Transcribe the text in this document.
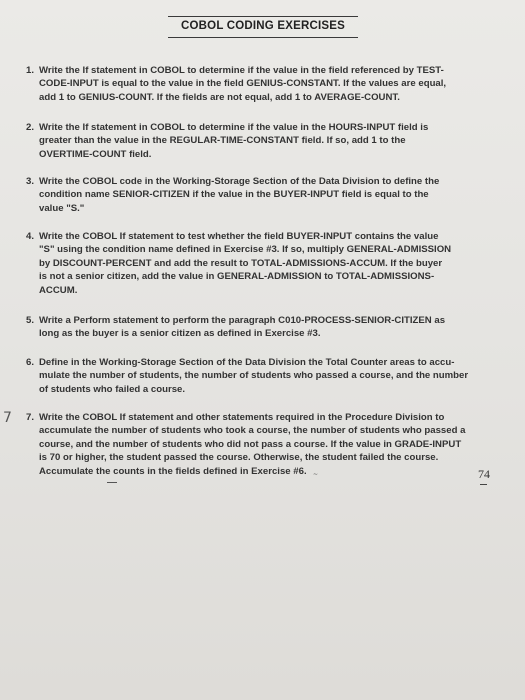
COBOL CODING EXERCISES
1. Write the If statement in COBOL to determine if the value in the field referenced by TEST-
CODE-INPUT is equal to the value in the field GENIUS-CONSTANT. If the values are equal,
add 1 to GENIUS-COUNT. If the fields are not equal, add 1 to AVERAGE-COUNT.
2. Write the If statement in COBOL to determine if the value in the HOURS-INPUT field is
greater than the value in the REGULAR-TIME-CONSTANT field. If so, add 1 to the
OVERTIME-COUNT field.
3. Write the COBOL code in the Working-Storage Section of the Data Division to define the
condition name SENIOR-CITIZEN if the value in the BUYER-INPUT field is equal to the
value "S."
4. Write the COBOL If statement to test whether the field BUYER-INPUT contains the value
"S" using the condition name defined in Exercise #3. If so, multiply GENERAL-ADMISSION
by DISCOUNT-PERCENT and add the result to TOTAL-ADMISSIONS-ACCUM. If the buyer
is not a senior citizen, add the value in GENERAL-ADMISSION to TOTAL-ADMISSIONS-
ACCUM.
5. Write a Perform statement to perform the paragraph C010-PROCESS-SENIOR-CITIZEN as
long as the buyer is a senior citizen as defined in Exercise #3.
6. Define in the Working-Storage Section of the Data Division the Total Counter areas to accu-
mulate the number of students, the number of students who passed a course, and the number
of students who failed a course.
7. Write the COBOL If statement and other statements required in the Procedure Division to
accumulate the number of students who took a course, the number of students who passed a
course, and the number of students who did not pass a course. If the value in GRADE-INPUT
is 70 or higher, the student passed the course. Otherwise, the student failed the course.
Accumulate the counts in the fields defined in Exercise #6.
7
~	74
